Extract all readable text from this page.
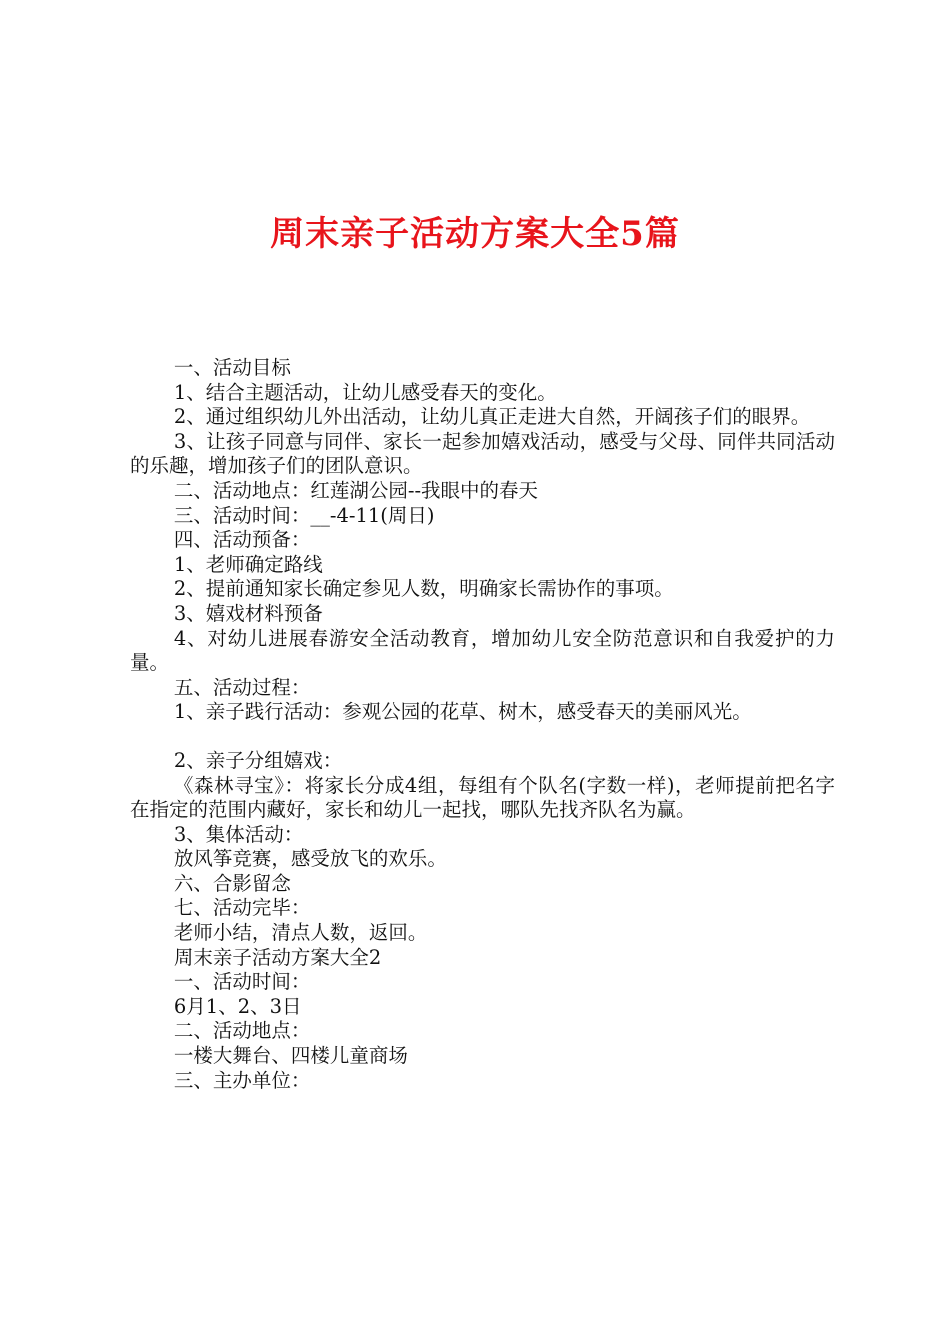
周末亲子活动方案大全5篇

一、活动目标

1、结合主题活动，让幼儿感受春天的变化。

2、通过组织幼儿外出活动，让幼儿真正走进大自然，开阔孩子们的眼界。

3、让孩子同意与同伴、家长一起参加嬉戏活动，感受与父母、同伴共同活动的乐趣，增加孩子们的团队意识。

二、活动地点：红莲湖公园--我眼中的春天

三、活动时间：__-4-11(周日)

四、活动预备：

1、老师确定路线

2、提前通知家长确定参见人数，明确家长需协作的事项。

3、嬉戏材料预备

4、对幼儿进展春游安全活动教育，增加幼儿安全防范意识和自我爱护的力量。

五、活动过程：

1、亲子践行活动：参观公园的花草、树木，感受春天的美丽风光。

2、亲子分组嬉戏：

《森林寻宝》：将家长分成4组，每组有个队名(字数一样)，老师提前把名字在指定的范围内藏好，家长和幼儿一起找，哪队先找齐队名为赢。

3、集体活动：

放风筝竞赛，感受放飞的欢乐。

六、合影留念

七、活动完毕：

老师小结，清点人数，返回。

周末亲子活动方案大全2

一、活动时间：

6月1、2、3日

二、活动地点：

一楼大舞台、四楼儿童商场

三、主办单位：
